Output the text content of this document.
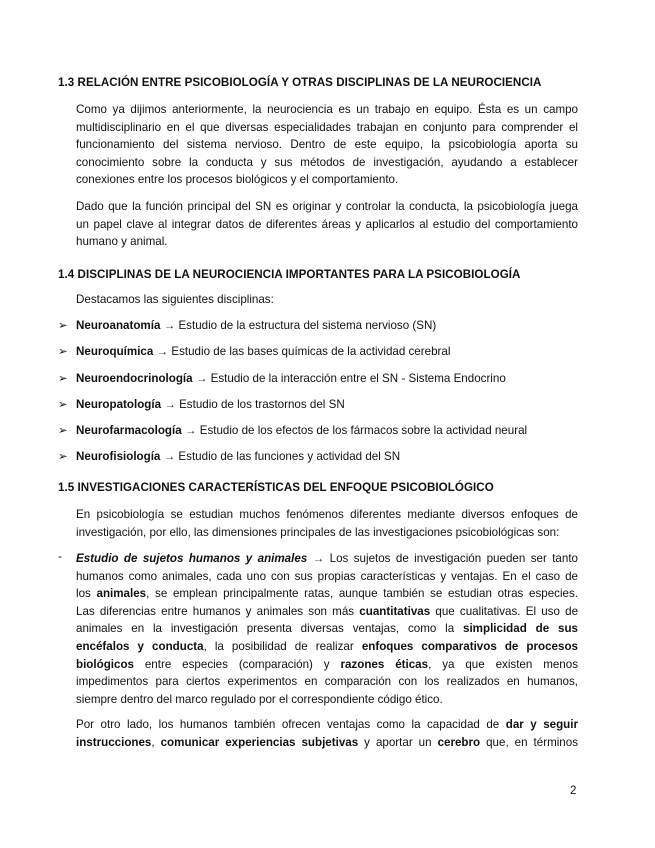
1.3 RELACIÓN ENTRE PSICOBIOLOGÍA Y OTRAS DISCIPLINAS DE LA NEUROCIENCIA
Como ya dijimos anteriormente, la neurociencia es un trabajo en equipo. Ésta es un campo
multidisciplinario en el que diversas especialidades trabajan en conjunto para comprender el
funcionamiento del sistema nervioso. Dentro de este equipo, la psicobiología aporta su
conocimiento sobre la conducta y sus métodos de investigación, ayudando a establecer
conexiones entre los procesos biológicos y el comportamiento.
Dado que la función principal del SN es originar y controlar la conducta, la psicobiología juega
un papel clave al integrar datos de diferentes áreas y aplicarlos al estudio del comportamiento
humano y animal.
1.4 DISCIPLINAS DE LA NEUROCIENCIA IMPORTANTES PARA LA PSICOBIOLOGÍA
Destacamos las siguientes disciplinas:
➢ Neuroanatomía → Estudio de la estructura del sistema nervioso (SN)
➢ Neuroquímica → Estudio de las bases químicas de la actividad cerebral
➢ Neuroendocrinología → Estudio de la interacción entre el SN - Sistema Endocrino
➢ Neuropatología → Estudio de los trastornos del SN
➢ Neurofarmacología → Estudio de los efectos de los fármacos sobre la actividad neural
➢ Neurofisiología → Estudio de las funciones y actividad del SN
1.5 INVESTIGACIONES CARACTERÍSTICAS DEL ENFOQUE PSICOBIOLÓGICO
En psicobiología se estudian muchos fenómenos diferentes mediante diversos enfoques de
investigación, por ello, las dimensiones principales de las investigaciones psicobiológicas son:
- Estudio de sujetos humanos y animales → Los sujetos de investigación pueden ser tanto
humanos como animales, cada uno con sus propias características y ventajas. En el caso de
los animales, se emplean principalmente ratas, aunque también se estudian otras especies.
Las diferencias entre humanos y animales son más cuantitativas que cualitativas. El uso de
animales en la investigación presenta diversas ventajas, como la simplicidad de sus
encéfalos y conducta, la posibilidad de realizar enfoques comparativos de procesos
biológicos entre especies (comparación) y razones éticas, ya que existen menos
impedimentos para ciertos experimentos en comparación con los realizados en humanos,
siempre dentro del marco regulado por el correspondiente código ético.
Por otro lado, los humanos también ofrecen ventajas como la capacidad de dar y seguir
instrucciones, comunicar experiencias subjetivas y aportar un cerebro que, en términos
2
